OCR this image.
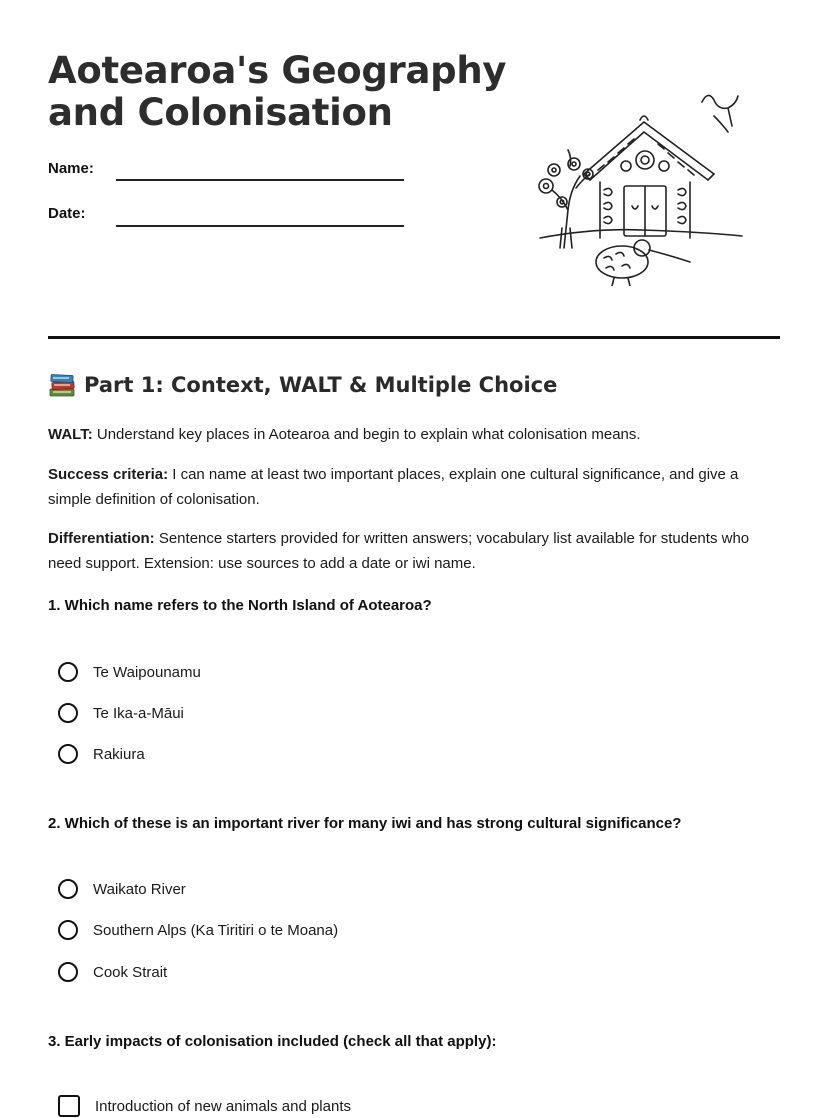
Aotearoa's Geography
and Colonisation
Name:
Date:
Part 1: Context, WALT & Multiple Choice

WALT: Understand key places in Aotearoa and begin to explain what colonisation means.

Success criteria: I can name at least two important places, explain one cultural significance, and give a simple definition of colonisation.

Differentiation: Sentence starters provided for written answers; vocabulary list available for students who need support. Extension: use sources to add a date or iwi name.

1. Which name refers to the North Island of Aotearoa?

Te Waipounamu
Te Ika-a-Māui
Rakiura

2. Which of these is an important river for many iwi and has strong cultural significance?

Waikato River
Southern Alps (Ka Tiritiri o te Moana)
Cook Strait

3. Early impacts of colonisation included (check all that apply):

Introduction of new animals and plants
